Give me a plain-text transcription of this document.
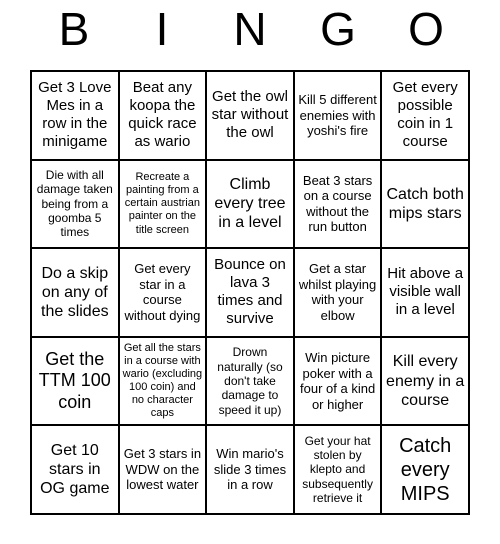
B	I	N	G	O
Get 3 Love Mes in a row in the minigame
Beat any koopa the quick race as wario
Get the owl star without the owl
Kill 5 different enemies with yoshi's fire
Get every possible coin in 1 course
Die with all damage taken being from a goomba 5 times
Recreate a painting from a certain austrian painter on the title screen
Climb every tree in a level
Beat 3 stars on a course without the run button
Catch both mips stars
Do a skip on any of the slides
Get every star in a course without dying
Bounce on lava 3 times and survive
Get a star whilst playing with your elbow
Hit above a visible wall in a level
Get the TTM 100 coin
Get all the stars in a course with wario (excluding 100 coin) and no character caps
Drown naturally (so don't take damage to speed it up)
Win picture poker with a four of a kind or higher
Kill every enemy in a course
Get 10 stars in OG game
Get 3 stars in WDW on the lowest water
Win mario's slide 3 times in a row
Get your hat stolen by klepto and subsequently retrieve it
Catch every MIPS
